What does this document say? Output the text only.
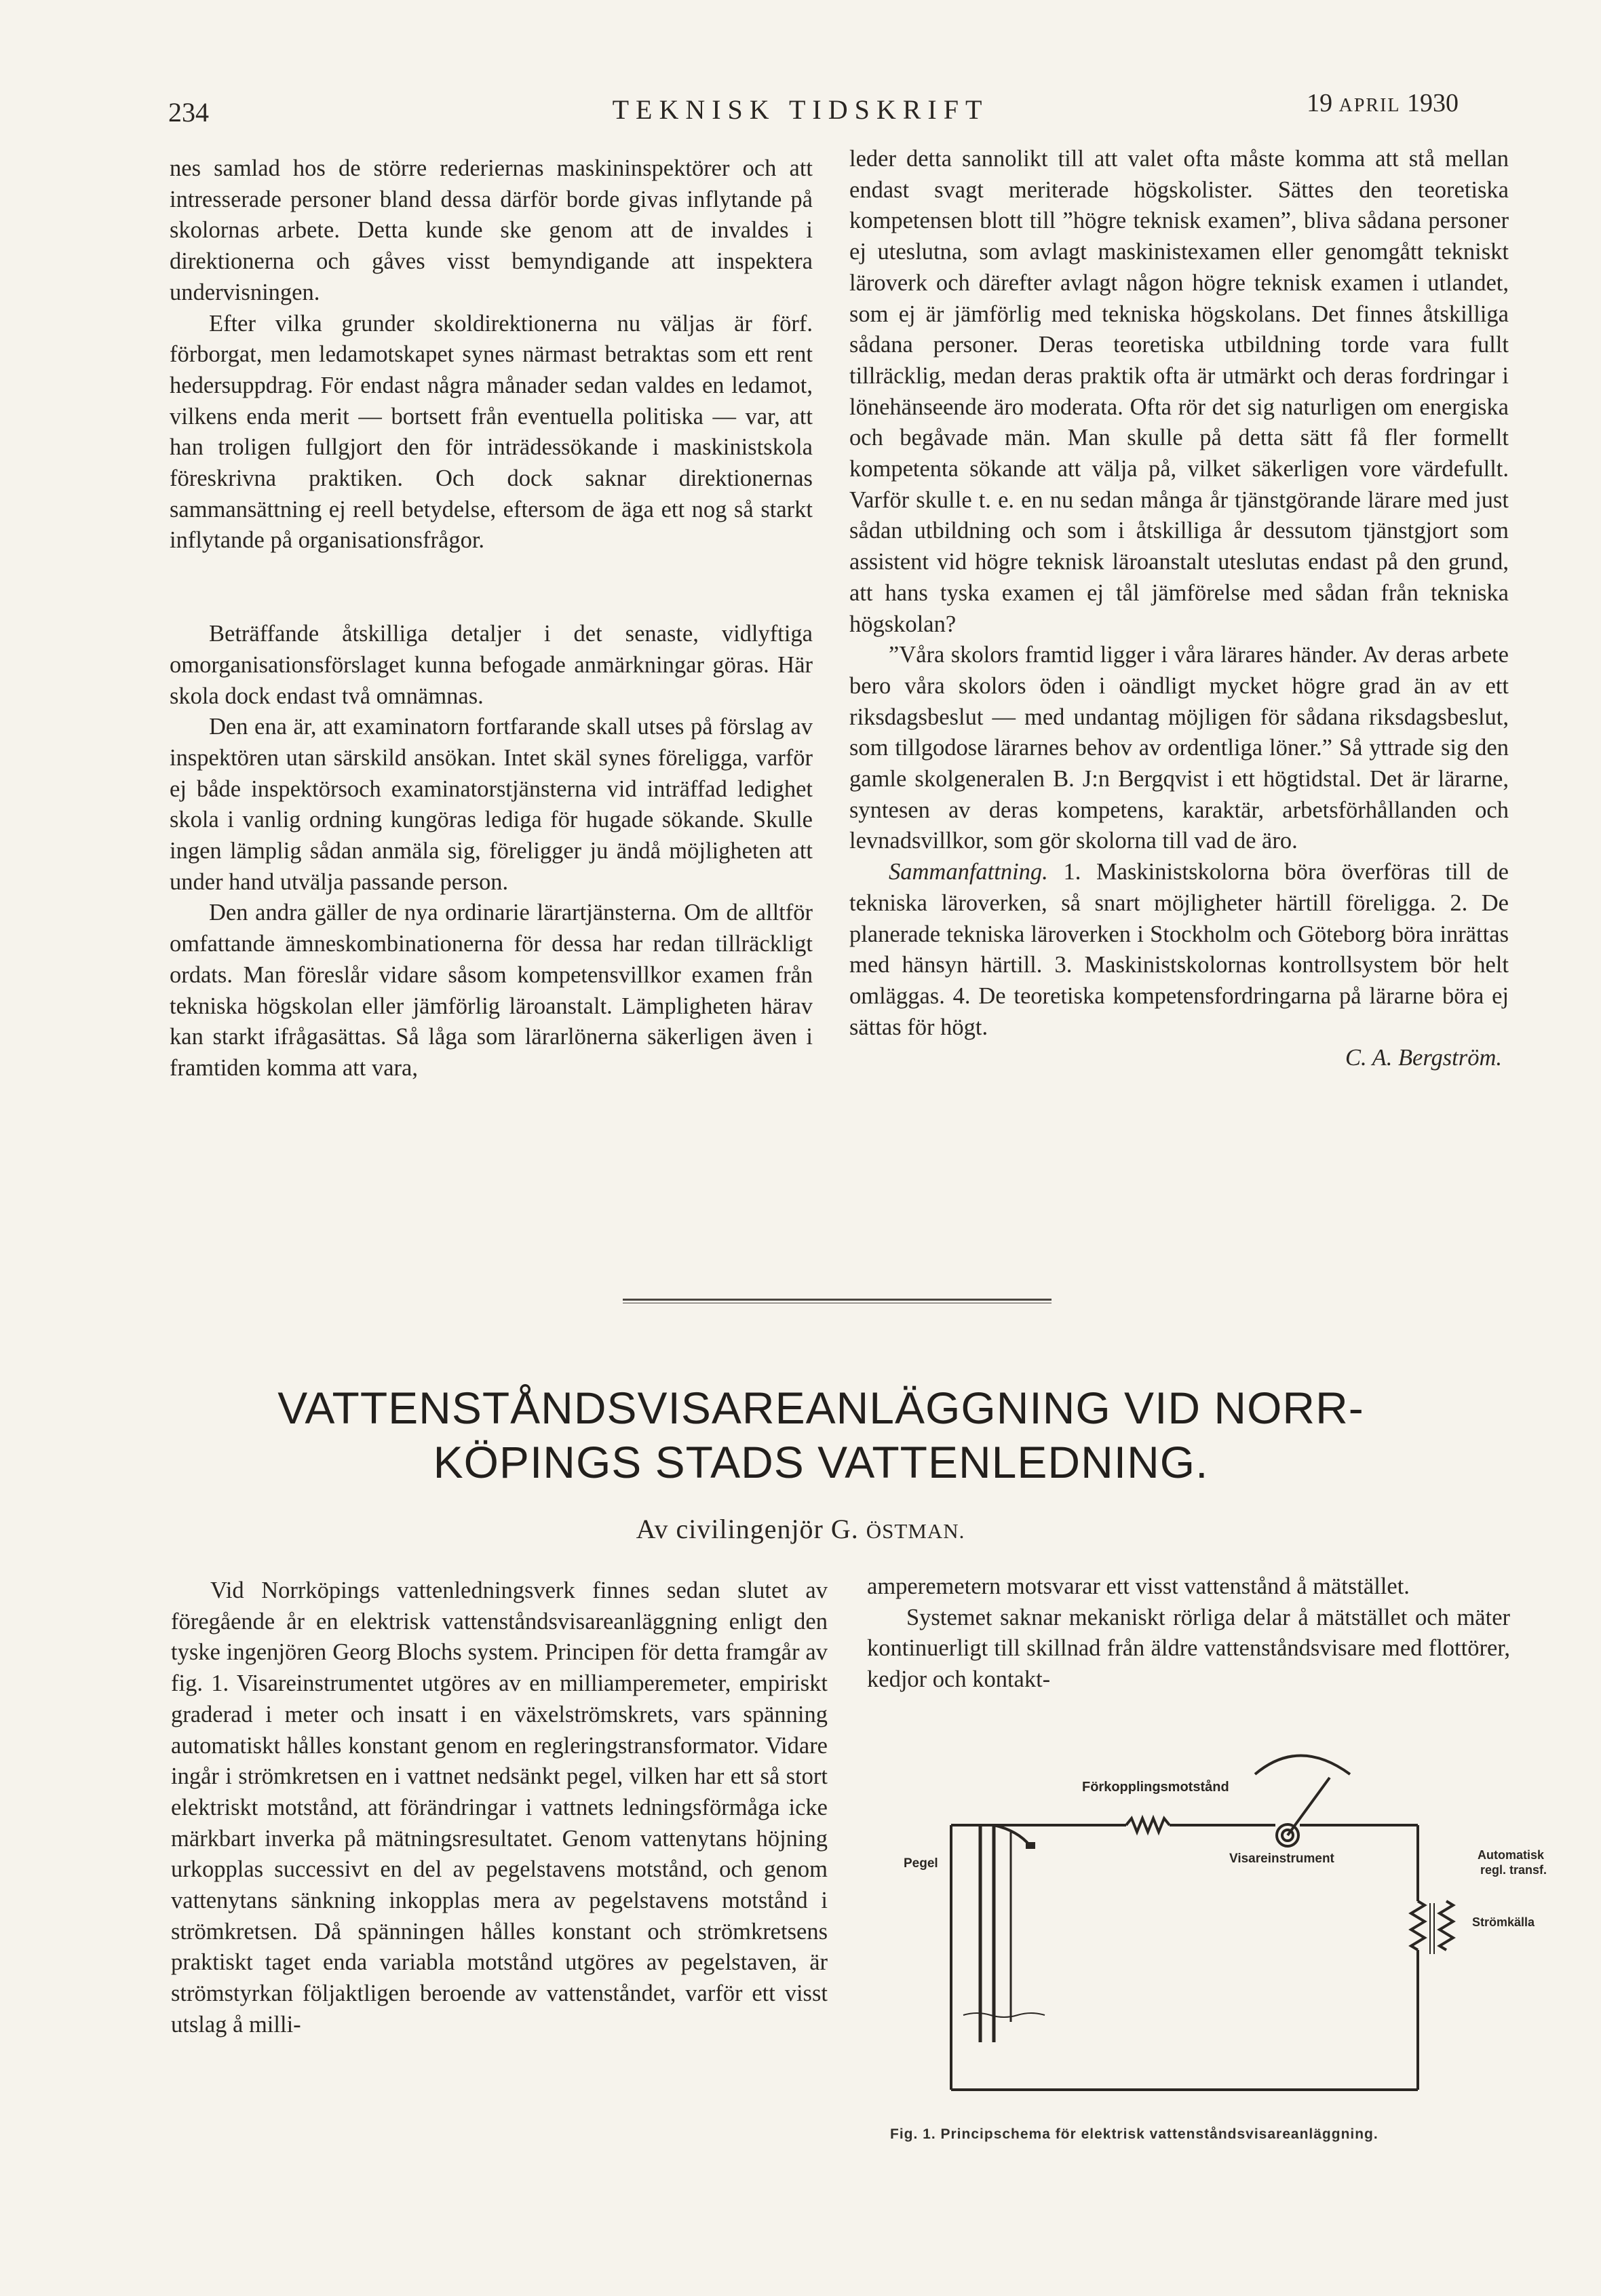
234	TEKNISK TIDSKRIFT	19 APRIL 1930

nes samlad hos de större rederiernas maskininspektörer och att intresserade personer bland dessa därför borde givas inflytande på skolornas arbete. Detta kunde ske genom att de invaldes i direktionerna och gåves visst bemyndigande att inspektera undervisningen.

Efter vilka grunder skoldirektionerna nu väljas är förf. förborgat, men ledamotskapet synes närmast betraktas som ett rent hedersuppdrag. För endast några månader sedan valdes en ledamot, vilkens enda merit — bortsett från eventuella politiska — var, att han troligen fullgjort den för inträdessökande i maskinistskola föreskrivna praktiken. Och dock saknar direktionernas sammansättning ej reell betydelse, eftersom de äga ett nog så starkt inflytande på organisationsfrågor.

Beträffande åtskilliga detaljer i det senaste, vidlyftiga omorganisationsförslaget kunna befogade anmärkningar göras. Här skola dock endast två omnämnas.

Den ena är, att examinatorn fortfarande skall utses på förslag av inspektören utan särskild ansökan. Intet skäl synes föreligga, varför ej både inspektörsoch examinatorstjänsterna vid inträffad ledighet skola i vanlig ordning kungöras lediga för hugade sökande. Skulle ingen lämplig sådan anmäla sig, föreligger ju ändå möjligheten att under hand utvälja passande person.

Den andra gäller de nya ordinarie lärartjänsterna. Om de alltför omfattande ämneskombinationerna för dessa har redan tillräckligt ordats. Man föreslår vidare såsom kompetensvillkor examen från tekniska högskolan eller jämförlig läroanstalt. Lämpligheten härav kan starkt ifrågasättas. Så låga som lärarlönerna säkerligen även i framtiden komma att vara,

leder detta sannolikt till att valet ofta måste komma att stå mellan endast svagt meriterade högskolister. Sättes den teoretiska kompetensen blott till ”högre teknisk examen”, bliva sådana personer ej uteslutna, som avlagt maskinistexamen eller genomgått tekniskt läroverk och därefter avlagt någon högre teknisk examen i utlandet, som ej är jämförlig med tekniska högskolans. Det finnes åtskilliga sådana personer. Deras teoretiska utbildning torde vara fullt tillräcklig, medan deras praktik ofta är utmärkt och deras fordringar i lönehänseende äro moderata. Ofta rör det sig naturligen om energiska och begåvade män. Man skulle på detta sätt få fler formellt kompetenta sökande att välja på, vilket säkerligen vore värdefullt. Varför skulle t. e. en nu sedan många år tjänstgörande lärare med just sådan utbildning och som i åtskilliga år dessutom tjänstgjort som assistent vid högre teknisk läroanstalt uteslutas endast på den grund, att hans tyska examen ej tål jämförelse med sådan från tekniska högskolan?

”Våra skolors framtid ligger i våra lärares händer. Av deras arbete bero våra skolors öden i oändligt mycket högre grad än av ett riksdagsbeslut — med undantag möjligen för sådana riksdagsbeslut, som tillgodose lärarnes behov av ordentliga löner.” Så yttrade sig den gamle skolgeneralen B. J:n Bergqvist i ett högtidstal. Det är lärarne, syntesen av deras kompetens, karaktär, arbetsförhållanden och levnadsvillkor, som gör skolorna till vad de äro.

Sammanfattning. 1. Maskinistskolorna böra överföras till de tekniska läroverken, så snart möjligheter härtill föreligga. 2. De planerade tekniska läroverken i Stockholm och Göteborg böra inrättas med hänsyn härtill. 3. Maskinistskolornas kontrollsystem bör helt omläggas. 4. De teoretiska kompetensfordringarna på lärarne böra ej sättas för högt.

C. A. Bergström.
VATTENSTÅNDSVISAREANLÄGGNING VID NORR-
KÖPINGS STADS VATTENLEDNING.
Av civilingenjör G. ÖSTMAN.

Vid Norrköpings vattenledningsverk finnes sedan slutet av föregående år en elektrisk vattenståndsvisareanläggning enligt den tyske ingenjören Georg Blochs system. Principen för detta framgår av fig. 1. Visareinstrumentet utgöres av en milliamperemeter, empiriskt graderad i meter och insatt i en växelströmskrets, vars spänning automatiskt hålles konstant genom en regleringstransformator. Vidare ingår i strömkretsen en i vattnet nedsänkt pegel, vilken har ett så stort elektriskt motstånd, att förändringar i vattnets ledningsförmåga icke märkbart inverka på mätningsresultatet. Genom vattenytans höjning urkopplas successivt en del av pegelstavens motstånd, och genom vattenytans sänkning inkopplas mera av pegelstavens motstånd i strömkretsen. Då spänningen hålles konstant och strömkretsens praktiskt taget enda variabla motstånd utgöres av pegelstaven, är strömstyrkan följaktligen beroende av vattenståndet, varför ett visst utslag å milli-

amperemetern motsvarar ett visst vattenstånd å mätstället.

Systemet saknar mekaniskt rörliga delar å mätstället och mäter kontinuerligt till skillnad från äldre vattenståndsvisare med flottörer, kedjor och kontakt-

Förkopplingsmotstånd
Pegel	Visareinstrument	Automatisk
regl. transf.
Strömkälla
Fig. 1. Principschema för elektrisk vattenståndsvisareanläggning.
